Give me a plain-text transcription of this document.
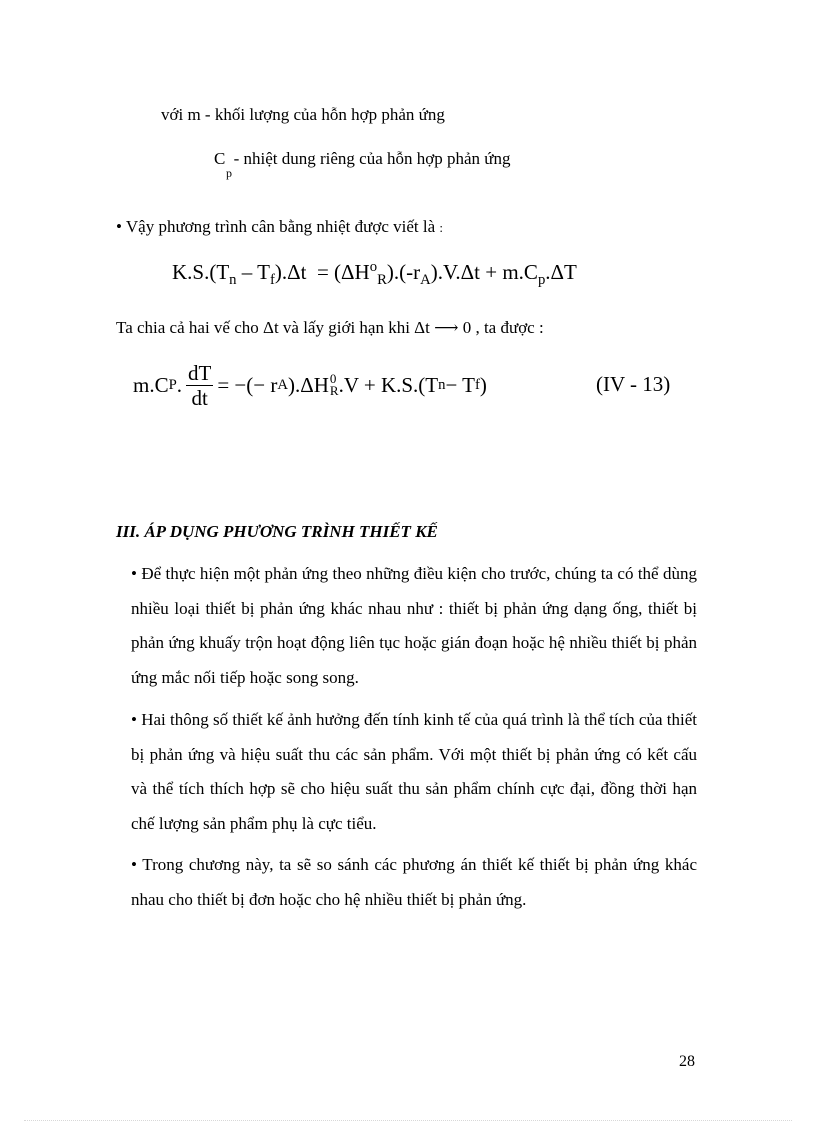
với m - khối lượng của hỗn hợp phản ứng
C
p
- nhiệt dung riêng của hỗn hợp phản ứng
• Vậy phương trình cân bằng nhiệt được viết là :
$K.S.(T_n - T_f).\Delta t = (\Delta H^o_R).(-r_A).V.\Delta t + m.C_p.\Delta T$
Ta chia cả hai vế cho Δt và lấy giới hạn khi Δt ⟶ 0 , ta được :
m.C P . $\frac{dT}{dt}$ = −(− r A ).ΔH 0
R .V + K.S.(T n − T f )	(IV - 13)
III. ÁP DỤNG PHƯƠNG TRÌNH THIẾT KẾ
• Để thực hiện một phản ứng theo những điều kiện cho trước, chúng ta có thể dùng nhiều loại thiết bị phản ứng khác nhau như : thiết bị phản ứng dạng ống, thiết bị phản ứng khuấy trộn hoạt động liên tục hoặc gián đoạn hoặc hệ nhiều thiết bị phản ứng mắc nối tiếp hoặc song song.
• Hai thông số thiết kế ảnh hưởng đến tính kinh tế của quá trình là thể tích của thiết bị phản ứng và hiệu suất thu các sản phẩm. Với một thiết bị phản ứng có kết cấu và thể tích thích hợp sẽ cho hiệu suất thu sản phẩm chính cực đại, đồng thời hạn chế lượng sản phẩm phụ là cực tiểu.
• Trong chương này, ta sẽ so sánh các phương án thiết kế thiết bị phản ứng khác nhau cho thiết bị đơn hoặc cho hệ nhiều thiết bị phản ứng.
28
